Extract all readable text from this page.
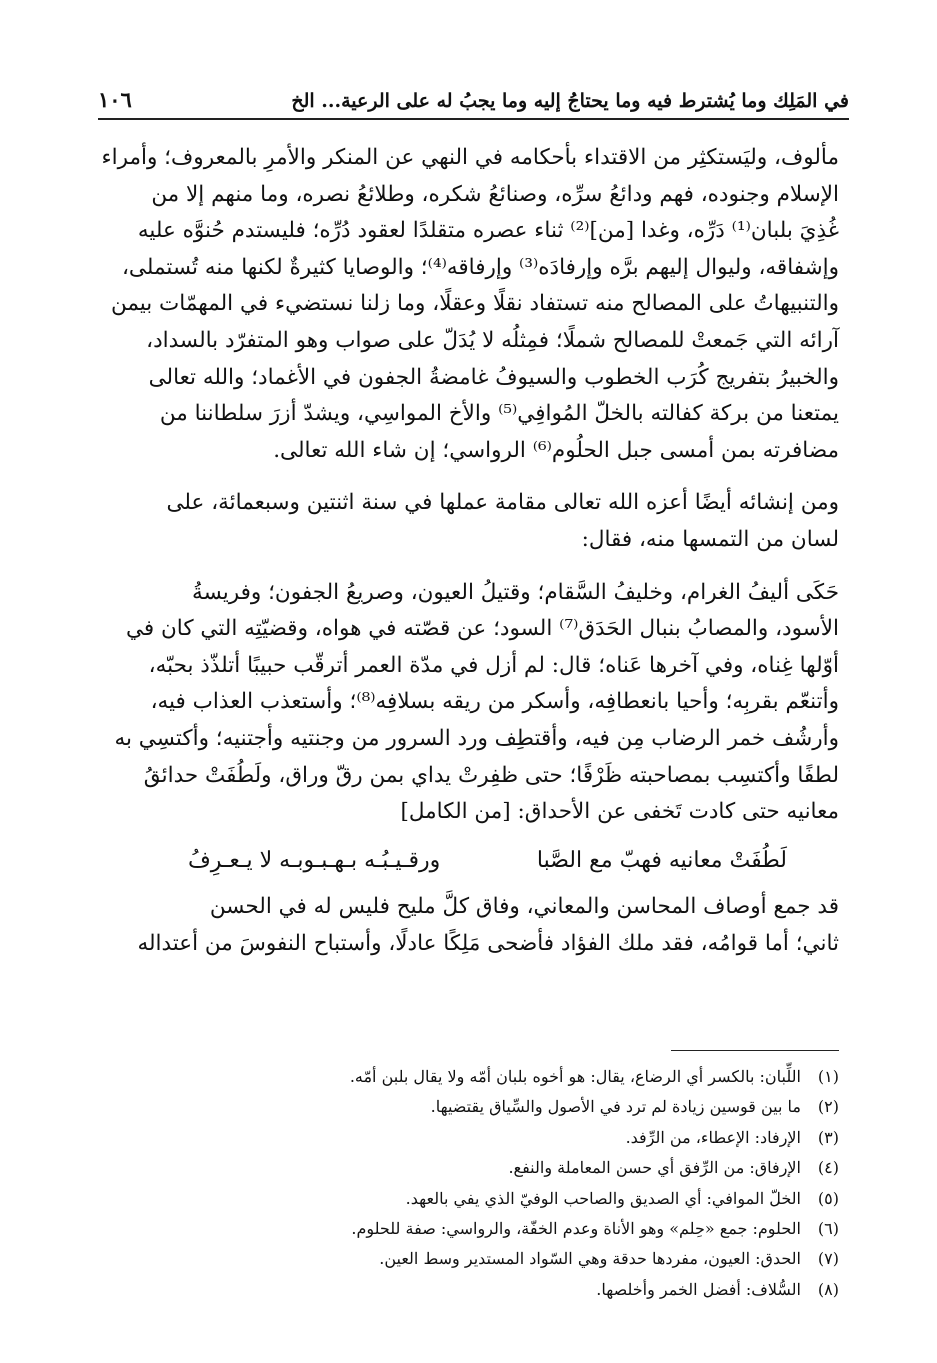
في المَلِك وما يُشترط فيه وما يحتاجُ إليه وما يجبُ له على الرعية... الخ
١٠٦
مألوف، وليَستكثِر من الاقتداء بأحكامه في النهي عن المنكر والأمرِ بالمعروف؛ وأمراء
الإسلام وجنوده، فهم ودائعُ سرِّه، وصنائعُ شكره، وطلائعُ نصره، وما منهم إلا من
غُذِيَ بلبان⁽¹⁾ دَرِّه، وغدا [من]⁽²⁾ ثناء عصره متقلدًا لعقود دُرِّه؛ فليستدم حُنوَّه عليه
وإشفاقه، وليوال إليهم برَّه وإرفادَه⁽³⁾ وإرفاقه⁽⁴⁾؛ والوصايا كثيرةٌ لكنها منه تُستملى،
والتنبيهاتُ على المصالح منه تستفاد نقلًا وعقلًا، وما زلنا نستضيء في المهمّات بيمن
آرائه التي جَمعتْ للمصالح شملًا؛ فمِثلُه لا يُدَلّ على صواب وهو المتفرّد بالسداد،
والخبيرُ بتفريج كُرَب الخطوب والسيوفُ غامضةُ الجفون في الأغماد؛ والله تعالى
يمتعنا من بركة كفالته بالخلّ المُوافِي⁽⁵⁾ والأخ المواسِي، ويشدّ أزرَ سلطاننا من
مضافرته بمن أمسى جبل الحلُوم⁽⁶⁾ الرواسي؛ إن شاء الله تعالى.
ومن إنشائه أيضًا أعزه الله تعالى مقامة عملها في سنة اثنتين وسبعمائة، على
لسان من التمسها منه، فقال:
حَكَى أليفُ الغرام، وخليفُ السَّقام؛ وقتيلُ العيون، وصريعُ الجفون؛ وفريسةُ
الأسود، والمصابُ بنبال الحَدَق⁽⁷⁾ السود؛ عن قصّته في هواه، وقضيّتِه التي كان في
أوّلها غِناه، وفي آخرها عَناه؛ قال: لم أزل في مدّة العمر أترقّب حبيبًا أتلذّذ بحبّه،
وأتنعّم بقربِه؛ وأحيا بانعطافِه، وأسكر من ريقه بسلافِه⁽⁸⁾؛ وأستعذب العذاب فيه،
وأرشُف خمر الرضاب مِن فيه، وأقتطِف ورد السرور من وجنتيه وأجتنيه؛ وأكتسِي به
لطفًا وأكتسِب بمصاحبته ظَرْفًا؛ حتى ظفِرتْ يداي بمن رقّ وراق، ولَطُفَتْ حدائقُ
معانيه حتى كادت تَخفى عن الأحداق: [من الكامل]
لَطُفَتْ معانيه فهبّ مع الصَّبا
ورقـيـبُـه بـهـبـوبـه لا يـعـرِفُ
قد جمع أوصاف المحاسن والمعاني، وفاق كلَّ مليح فليس له في الحسن
ثاني؛ أما قوامُه، فقد ملك الفؤاد فأضحى مَلِكًا عادلًا، وأستباح النفوسَ من أعتداله
(١)
اللِّبان: بالكسر أي الرضاع، يقال: هو أخوه بلبان أمّه ولا يقال بلبن أمّه.
(٢)
ما بين قوسين زيادة لم ترد في الأصول والسِّياق يقتضيها.
(٣)
الإرفاد: الإعطاء، من الرِّفد.
(٤)
الإرفاق: من الرِّفق أي حسن المعاملة والنفع.
(٥)
الخلّ الموافي: أي الصديق والصاحب الوفيّ الذي يفي بالعهد.
(٦)
الحلوم: جمع «حِلم» وهو الأناة وعدم الخفّة، والرواسي: صفة للحلوم.
(٧)
الحدق: العيون، مفردها حدقة وهي السّواد المستدير وسط العين.
(٨)
السُّلاف: أفضل الخمر وأخلصها.
